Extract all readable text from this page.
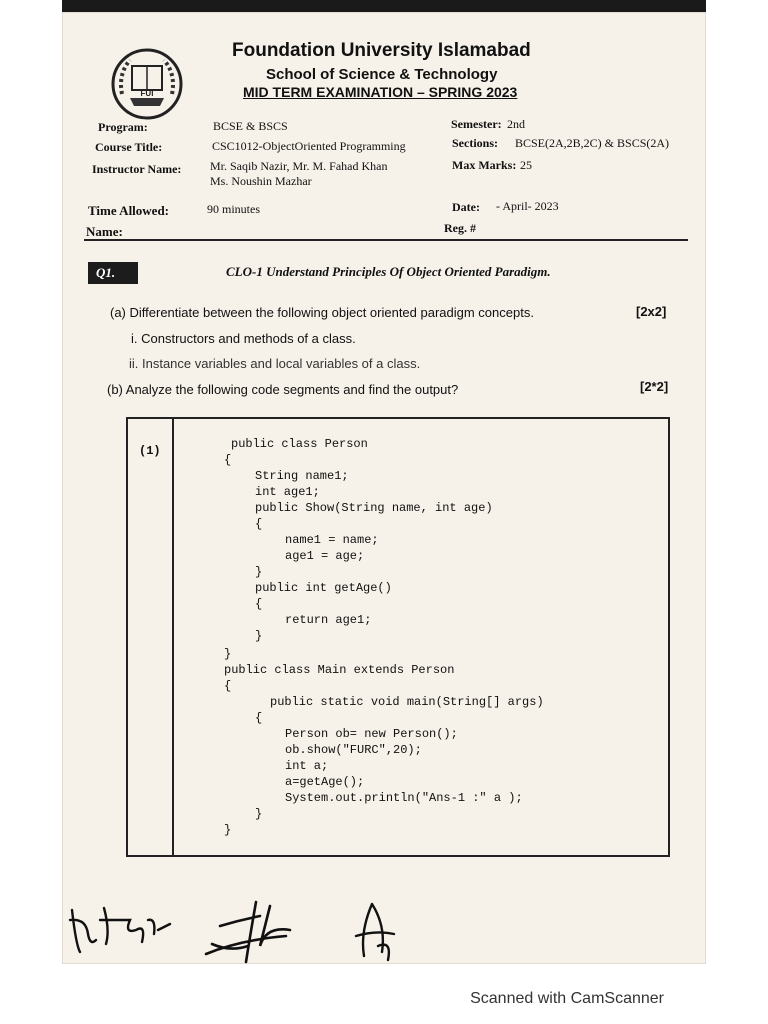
FUI
Foundation University Islamabad
School of Science & Technology
MID TERM EXAMINATION – SPRING 2023
Program:	BCSE & BSCS	Semester: 2nd
Course Title:	CSC1012-ObjectOriented Programming	Sections: BCSE(2A,2B,2C) & BSCS(2A)
Instructor Name: Mr. Saqib Nazir, Mr. M. Fahad Khan
Ms. Noushin Mazhar
Max Marks: 25
Time Allowed:	90 minutes	Date: - April- 2023
Name:	Reg. #
Q1.	CLO-1 Understand Principles Of Object Oriented Paradigm.
(a) Differentiate between the following object oriented paradigm concepts.	[2x2]
i. Constructors and methods of a class.
ii. Instance variables and local variables of a class.
(b) Analyze the following code segments and find the output?	[2*2]
(1)	public class Person
{
String name1;
int age1;
public Show(String name, int age)
{
name1 = name;
age1 = age;
}
public int getAge()
{
return age1;
}
}
public class Main extends Person
{
public static void main(String[] args)
{
Person ob= new Person();
ob.show("FURC",20);
int a;
a=getAge();
System.out.println("Ans-1 :" a );
}
}
Scanned with CamScanner
